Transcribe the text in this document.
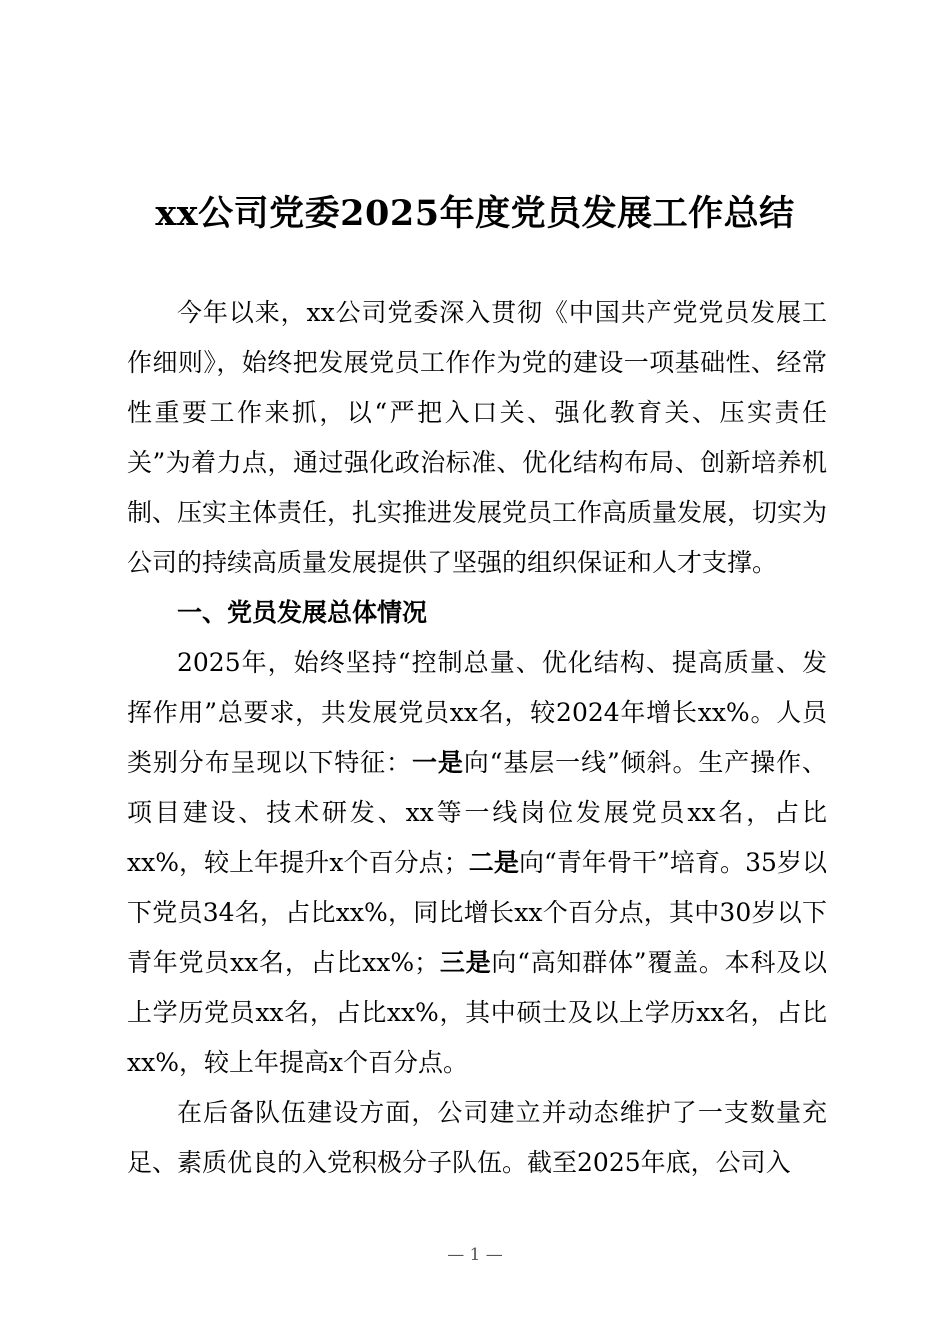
xx公司党委2025年度党员发展工作总结

今年以来，xx公司党委深入贯彻《中国共产党党员发展工作细则》，始终把发展党员工作作为党的建设一项基础性、经常性重要工作来抓，以“严把入口关、强化教育关、压实责任关”为着力点，通过强化政治标准、优化结构布局、创新培养机制、压实主体责任，扎实推进发展党员工作高质量发展，切实为公司的持续高质量发展提供了坚强的组织保证和人才支撑。

一、党员发展总体情况

2025年，始终坚持“控制总量、优化结构、提高质量、发挥作用”总要求，共发展党员xx名，较2024年增长xx%。人员类别分布呈现以下特征：一是向“基层一线”倾斜。生产操作、项目建设、技术研发、xx等一线岗位发展党员xx名，占比xx%，较上年提升x个百分点；二是向“青年骨干”培育。35岁以下党员34名，占比xx%，同比增长xx个百分点，其中30岁以下青年党员xx名，占比xx%；三是向“高知群体”覆盖。本科及以上学历党员xx名，占比xx%，其中硕士及以上学历xx名，占比xx%，较上年提高x个百分点。

在后备队伍建设方面，公司建立并动态维护了一支数量充足、素质优良的入党积极分子队伍。截至2025年底，公司入

— 1 —
